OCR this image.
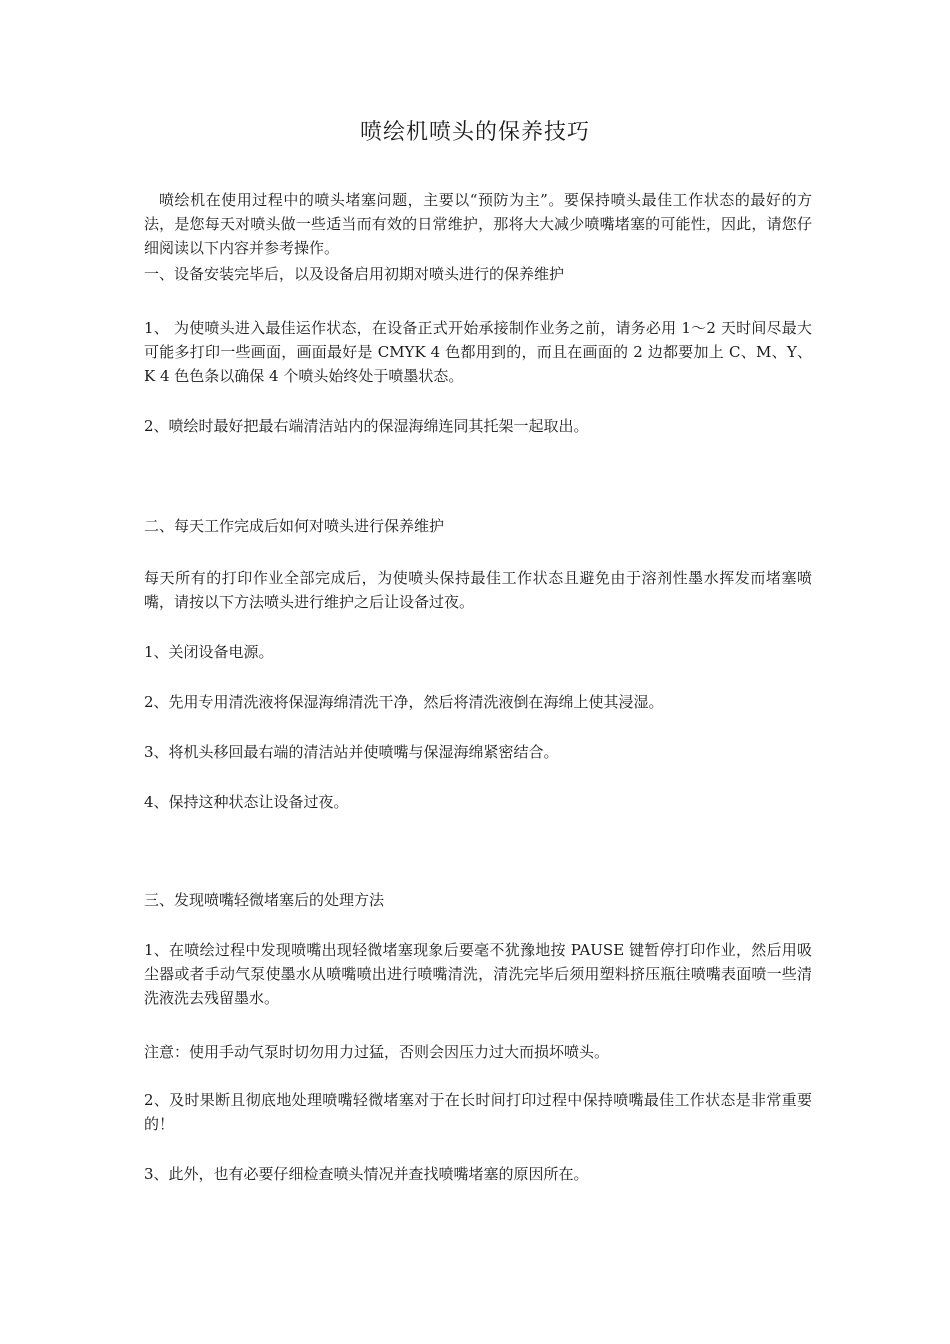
喷绘机喷头的保养技巧

喷绘机在使用过程中的喷头堵塞问题，主要以“预防为主”。要保持喷头最佳工作状态的最好的方法，是您每天对喷头做一些适当而有效的日常维护，那将大大减少喷嘴堵塞的可能性，因此，请您仔细阅读以下内容并参考操作。

一、设备安装完毕后，以及设备启用初期对喷头进行的保养维护

1、 为使喷头进入最佳运作状态，在设备正式开始承接制作业务之前，请务必用 1～2 天时间尽最大可能多打印一些画面，画面最好是 CMYK 4 色都用到的，而且在画面的 2 边都要加上 C、M、Y、K 4 色色条以确保 4 个喷头始终处于喷墨状态。

2、喷绘时最好把最右端清洁站内的保湿海绵连同其托架一起取出。

二、每天工作完成后如何对喷头进行保养维护

每天所有的打印作业全部完成后，为使喷头保持最佳工作状态且避免由于溶剂性墨水挥发而堵塞喷嘴，请按以下方法喷头进行维护之后让设备过夜。

1、关闭设备电源。

2、先用专用清洗液将保湿海绵清洗干净，然后将清洗液倒在海绵上使其浸湿。

3、将机头移回最右端的清洁站并使喷嘴与保湿海绵紧密结合。

4、保持这种状态让设备过夜。

三、发现喷嘴轻微堵塞后的处理方法

1、在喷绘过程中发现喷嘴出现轻微堵塞现象后要毫不犹豫地按 PAUSE 键暂停打印作业，然后用吸尘器或者手动气泵使墨水从喷嘴喷出进行喷嘴清洗，清洗完毕后须用塑料挤压瓶往喷嘴表面喷一些清洗液洗去残留墨水。

注意：使用手动气泵时切勿用力过猛，否则会因压力过大而损坏喷头。

2、及时果断且彻底地处理喷嘴轻微堵塞对于在长时间打印过程中保持喷嘴最佳工作状态是非常重要的！

3、此外，也有必要仔细检查喷头情况并查找喷嘴堵塞的原因所在。
